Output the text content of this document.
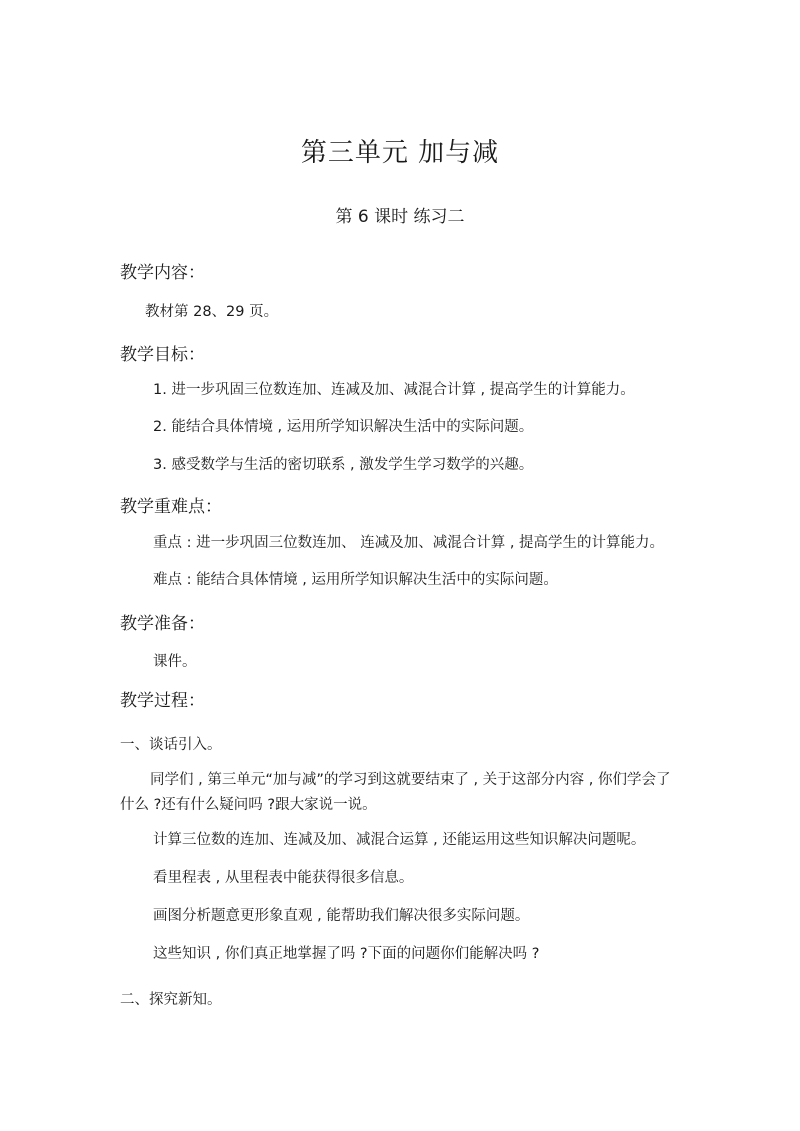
第三单元 加与减
第 6 课时 练习二
教学内容：
教材第 28、29 页。
教学目标：
1. 进一步巩固三位数连加、连减及加、减混合计算 , 提高学生的计算能力。
2. 能结合具体情境 , 运用所学知识解决生活中的实际问题。
3. 感受数学与生活的密切联系 , 激发学生学习数学的兴趣。
教学重难点：
重点 : 进一步巩固三位数连加、 连减及加、减混合计算 , 提高学生的计算能力。
难点 : 能结合具体情境 , 运用所学知识解决生活中的实际问题。
教学准备：
课件。
教学过程：
一、谈话引入。
同学们 , 第三单元“加与减”的学习到这就要结束了 , 关于这部分内容 , 你们学会了什么 ?还有什么疑问吗 ?跟大家说一说。
计算三位数的连加、连减及加、减混合运算 , 还能运用这些知识解决问题呢。
看里程表 , 从里程表中能获得很多信息。
画图分析题意更形象直观 , 能帮助我们解决很多实际问题。
这些知识 , 你们真正地掌握了吗 ?下面的问题你们能解决吗 ?
二、探究新知。
